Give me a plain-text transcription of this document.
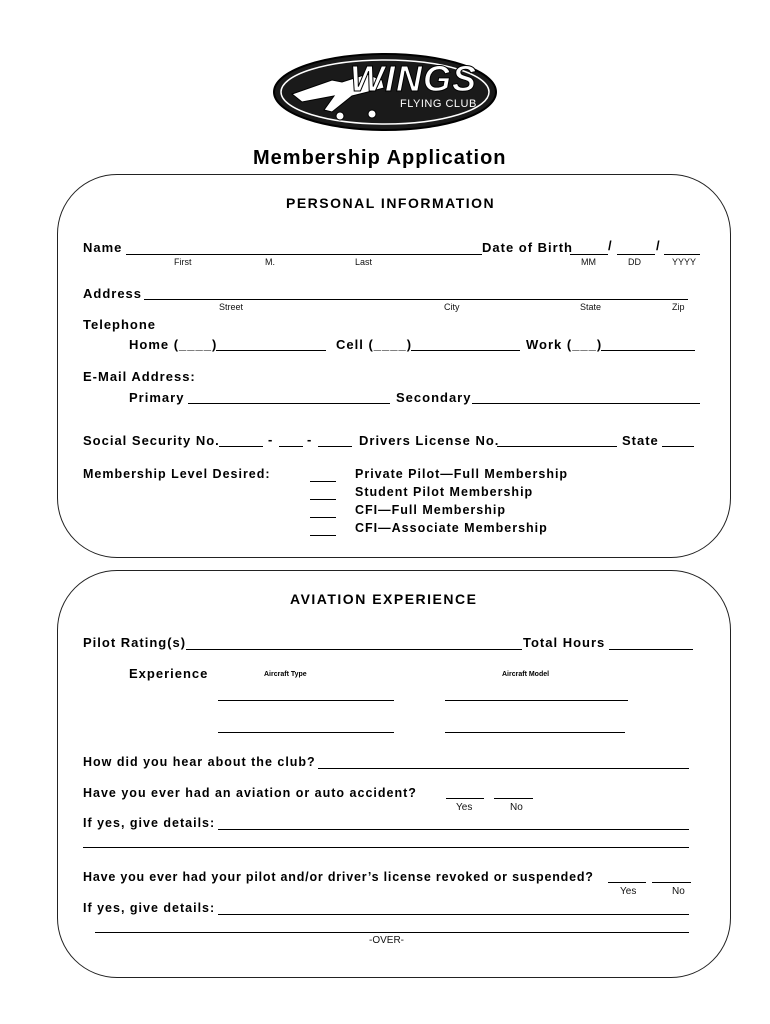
WINGS
FLYING CLUB
Membership Application
PERSONAL INFORMATION
Name	Date of Birth	/	/
First	M.	Last	MM	DD	YYYY
Address
Street	City	State	Zip
Telephone
Home (____)	Cell (____)	Work (___)
E-Mail Address:
Primary	Secondary
Social Security No.	-	-	Drivers License No.	State
Membership Level Desired:	Private Pilot—Full Membership
Student Pilot Membership
CFI—Full Membership
CFI—Associate Membership
AVIATION EXPERIENCE
Pilot Rating(s)	Total Hours
Experience	Aircraft Type	Aircraft Model
How did you hear about the club?
Have you ever had an aviation or auto accident?
Yes	No
If yes, give details:
Have you ever had your pilot and/or driver’s license revoked or suspended?
Yes	No
If yes, give details:
-OVER-
